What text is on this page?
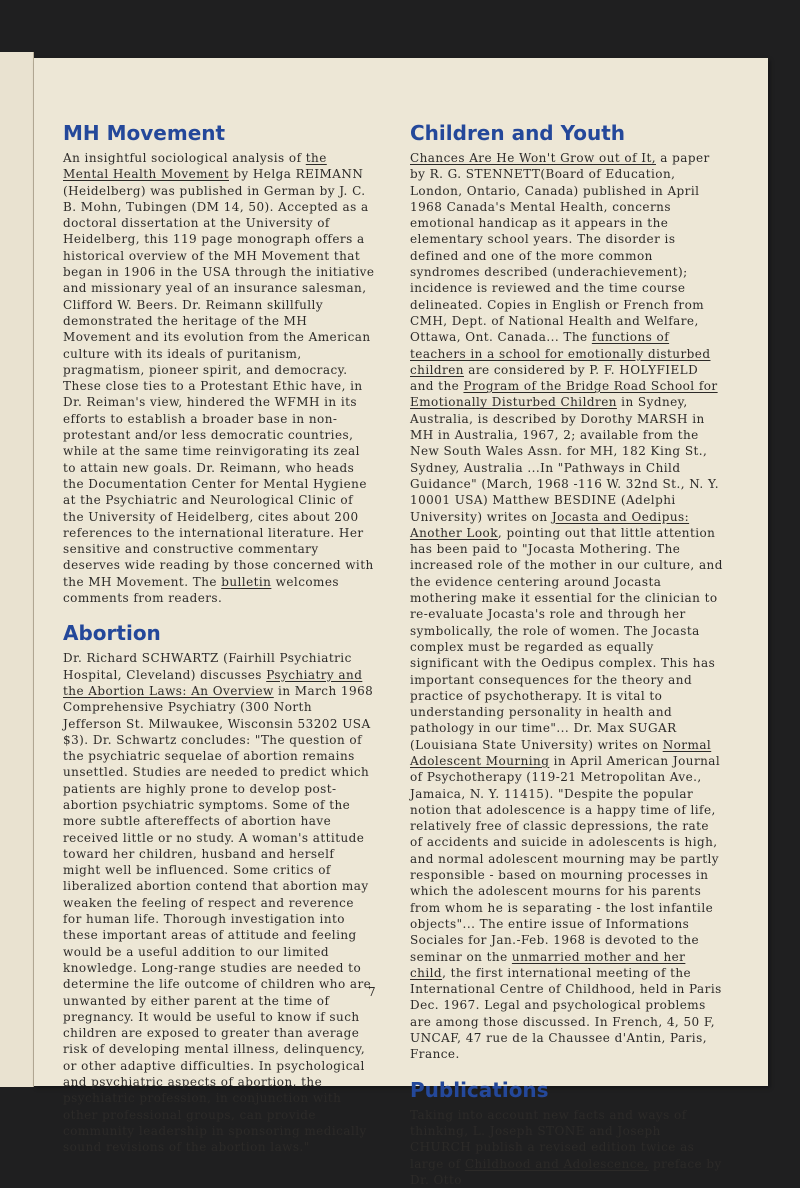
MH Movement

An insightful sociological analysis of the Mental Health Movement by Helga REIMANN (Heidelberg) was published in German by J. C. B. Mohn, Tubingen (DM 14, 50). Accepted as a doctoral dissertation at the University of Heidelberg, this 119 page monograph offers a historical overview of the MH Movement that began in 1906 in the USA through the initiative and missionary yeal of an insurance salesman, Clifford W. Beers. Dr. Reimann skillfully demonstrated the heritage of the MH Movement and its evolution from the American culture with its ideals of puritanism, pragmatism, pioneer spirit, and democracy. These close ties to a Protestant Ethic have, in Dr. Reiman's view, hindered the WFMH in its efforts to establish a broader base in non-protestant and/or less democratic countries, while at the same time reinvigorating its zeal to attain new goals. Dr. Reimann, who heads the Documentation Center for Mental Hygiene at the Psychiatric and Neurological Clinic of the University of Heidelberg, cites about 200 references to the international literature. Her sensitive and constructive commentary deserves wide reading by those concerned with the MH Movement. The bulletin welcomes comments from readers.

Abortion

Dr. Richard SCHWARTZ (Fairhill Psychiatric Hospital, Cleveland) discusses Psychiatry and the Abortion Laws: An Overview in March 1968 Comprehensive Psychiatry (300 North Jefferson St. Milwaukee, Wisconsin 53202 USA $3). Dr. Schwartz concludes: "The question of the psychiatric sequelae of abortion remains unsettled. Studies are needed to predict which patients are highly prone to develop post-abortion psychiatric symptoms. Some of the more subtle aftereffects of abortion have received little or no study. A woman's attitude toward her children, husband and herself might well be influenced. Some critics of liberalized abortion contend that abortion may weaken the feeling of respect and reverence for human life. Thorough investigation into these important areas of attitude and feeling would be a useful addition to our limited knowledge. Long-range studies are needed to determine the life outcome of children who are unwanted by either parent at the time of pregnancy. It would be useful to know if such children are exposed to greater than average risk of developing mental illness, delinquency, or other adaptive difficulties. In psychological and psychiatric aspects of abortion, the psychiatric profession, in conjunction with other professional groups, can provide community leadership in sponsoring medically sound revisions of the abortion laws."

Children and Youth

Chances Are He Won't Grow out of It, a paper by R. G. STENNETT(Board of Education, London, Ontario, Canada) published in April 1968 Canada's Mental Health, concerns emotional handicap as it appears in the elementary school years. The disorder is defined and one of the more common syndromes described (underachievement); incidence is reviewed and the time course delineated. Copies in English or French from CMH, Dept. of National Health and Welfare, Ottawa, Ont. Canada... The functions of teachers in a school for emotionally disturbed children are considered by P. F. HOLYFIELD and the Program of the Bridge Road School for Emotionally Disturbed Children in Sydney, Australia, is described by Dorothy MARSH in MH in Australia, 1967, 2; available from the New South Wales Assn. for MH, 182 King St., Sydney, Australia ...In "Pathways in Child Guidance" (March, 1968 -116 W. 32nd St., N. Y. 10001 USA) Matthew BESDINE (Adelphi University) writes on Jocasta and Oedipus: Another Look, pointing out that little attention has been paid to "Jocasta Mothering. The increased role of the mother in our culture, and the evidence centering around Jocasta mothering make it essential for the clinician to re-evaluate Jocasta's role and through her symbolically, the role of women. The Jocasta complex must be regarded as equally significant with the Oedipus complex. This has important consequences for the theory and practice of psychotherapy. It is vital to understanding personality in health and pathology in our time"... Dr. Max SUGAR (Louisiana State University) writes on Normal Adolescent Mourning in April American Journal of Psychotherapy (119-21 Metropolitan Ave., Jamaica, N. Y. 11415). "Despite the popular notion that adolescence is a happy time of life, relatively free of classic depressions, the rate of accidents and suicide in adolescents is high, and normal adolescent mourning may be partly responsible - based on mourning processes in which the adolescent mourns for his parents from whom he is separating - the lost infantile objects"... The entire issue of Informations Sociales for Jan.-Feb. 1968 is devoted to the seminar on the unmarried mother and her child, the first international meeting of the International Centre of Childhood, held in Paris Dec. 1967. Legal and psychological problems are among those discussed. In French, 4, 50 F, UNCAF, 47 rue de la Chaussee d'Antin, Paris, France.

Publications

Taking into account new facts and ways of thinking, L. Joseph STONE and Joseph CHURCH publish a revised edition twice as large of Childhood and Adolescence, preface by Dr. Otto

7
